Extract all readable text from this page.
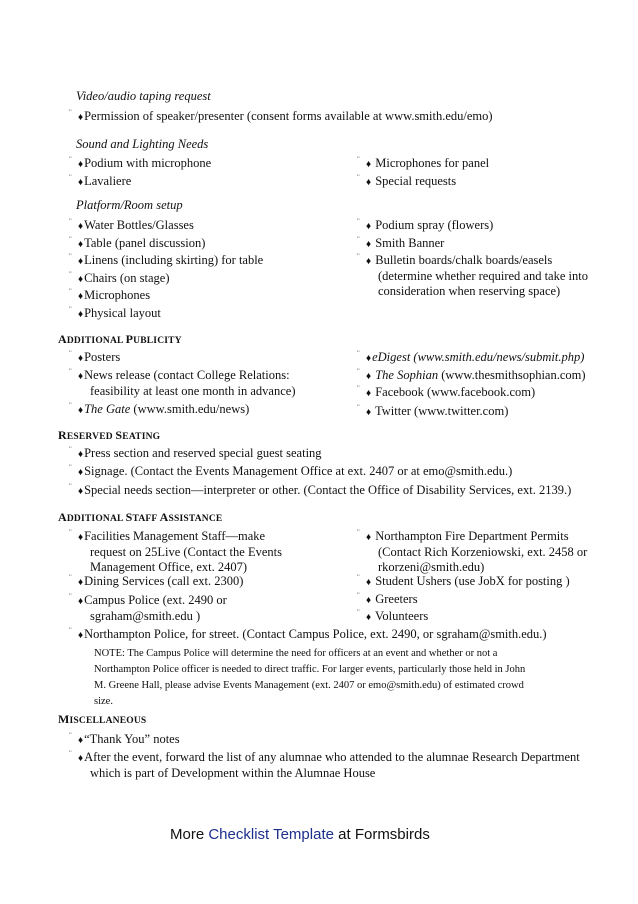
Video/audio taping request
¨ ♦Permission of speaker/presenter (consent forms available at www.smith.edu/emo)
Sound and Lighting Needs
¨ ♦Podium with microphone
¨ ♦Lavaliere
¨ ♦ Microphones for panel
¨ ♦ Special requests
Platform/Room setup
¨ ♦Water Bottles/Glasses
¨ ♦Table (panel discussion)
¨ ♦Linens (including skirting) for table
¨ ♦Chairs (on stage)
¨ ♦Microphones
¨ ♦Physical layout
¨ ♦ Podium spray (flowers)
¨ ♦ Smith Banner
¨ ♦ Bulletin boards/chalk boards/easels
(determine whether required and take into
consideration when reserving space)
ADDITIONAL PUBLICITY
¨ ♦Posters
¨ ♦News release (contact College Relations:
feasibility at least one month in advance)
¨ ♦The Gate (www.smith.edu/news)
¨ ♦eDigest (www.smith.edu/news/submit.php)
¨ ♦ The Sophian (www.thesmithsophian.com)
¨ ♦ Facebook (www.facebook.com)
¨ ♦ Twitter (www.twitter.com)
RESERVED SEATING
¨ ♦Press section and reserved special guest seating
¨ ♦Signage. (Contact the Events Management Office at ext. 2407 or at emo@smith.edu.)
¨ ♦Special needs section—interpreter or other. (Contact the Office of Disability Services, ext. 2139.)
ADDITIONAL STAFF ASSISTANCE
¨ ♦Facilities Management Staff—make
request on 25Live (Contact the Events
Management Office, ext. 2407)
¨ ♦Dining Services (call ext. 2300)
¨ ♦Campus Police (ext. 2490 or
sgraham@smith.edu )
¨ ♦ Northampton Fire Department Permits
(Contact Rich Korzeniowski, ext. 2458 or
rkorzeni@smith.edu)
¨ ♦ Student Ushers (use JobX for posting )
¨ ♦ Greeters
¨ ♦ Volunteers
¨ ♦Northampton Police, for street. (Contact Campus Police, ext. 2490, or sgraham@smith.edu.)
NOTE: The Campus Police will determine the need for officers at an event and whether or not a Northampton Police officer is needed to direct traffic. For larger events, particularly those held in John M. Greene Hall, please advise Events Management (ext. 2407 or emo@smith.edu) of estimated crowd size.
MISCELLANEOUS
¨ ♦“Thank You” notes
¨ ♦After the event, forward the list of any alumnae who attended to the alumnae Research Department
which is part of Development within the Alumnae House
More Checklist Template at Formsbirds
